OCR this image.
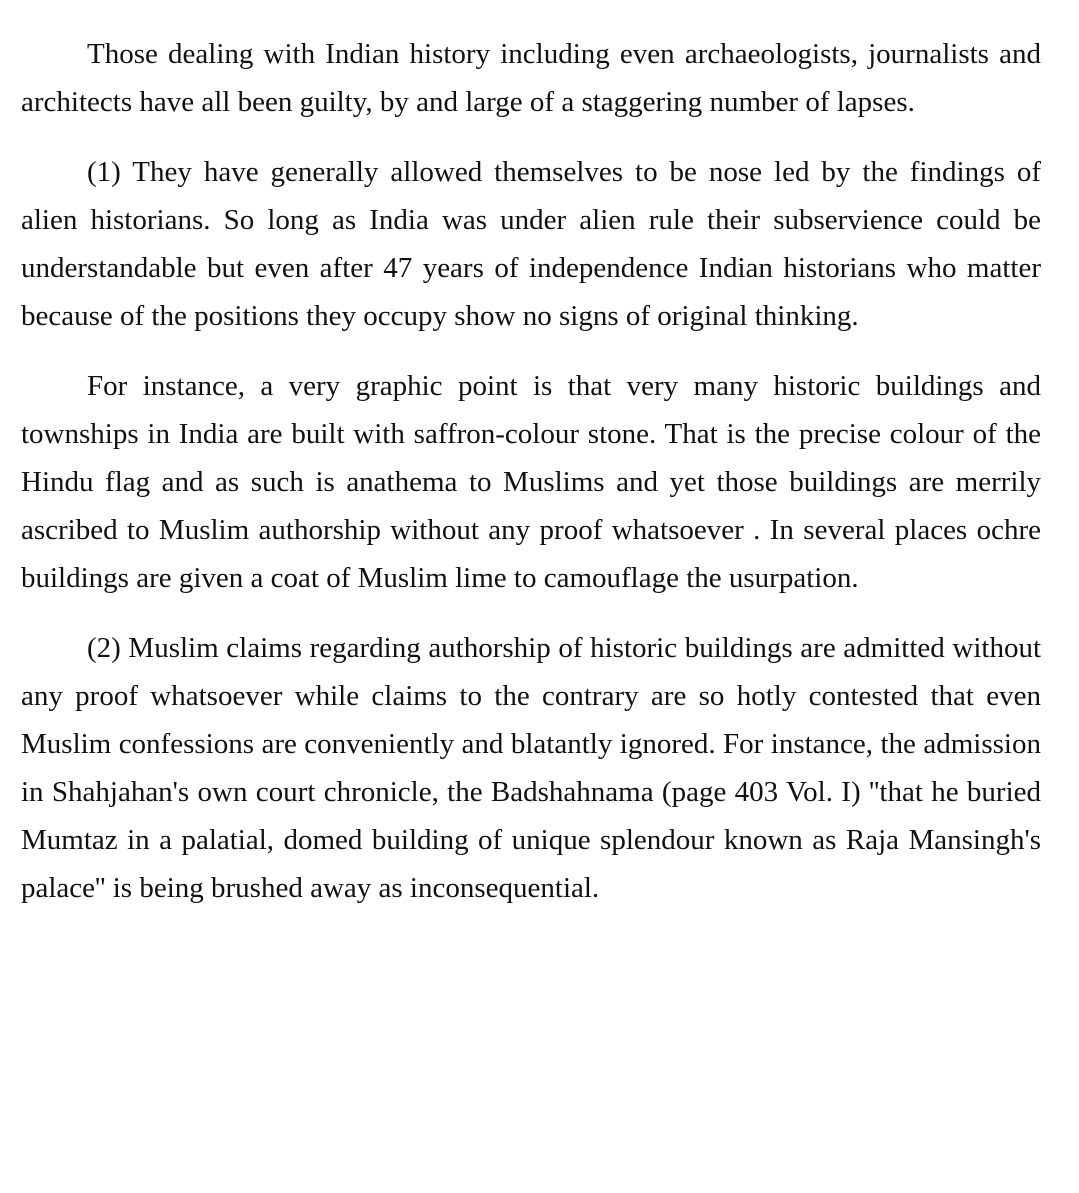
Those dealing with Indian history including even archaeologists, journalists and architects have all been guilty, by and large of a staggering number of lapses.

(1) They have generally allowed themselves to be nose led by the findings of alien historians. So long as India was under alien rule their subservience could be understandable but even after 47 years of independence Indian historians who matter because of the positions they occupy show no signs of original thinking.

For instance, a very graphic point is that very many historic buildings and townships in India are built with saffron-colour stone. That is the precise colour of the Hindu flag and as such is anathema to Muslims and yet those buildings are merrily ascribed to Muslim authorship without any proof whatsoever . In several places ochre buildings are given a coat of Muslim lime to camouflage the usurpation.

(2) Muslim claims regarding authorship of historic buildings are admitted without any proof whatsoever while claims to the contrary are so hotly contested that even Muslim confessions are conveniently and blatantly ignored. For instance, the admission in Shahjahan's own court chronicle, the Badshahnama (page 403 Vol. I) ''that he buried Mumtaz in a palatial, domed building of unique splendour known as Raja Mansingh's palace'' is being brushed away as inconsequential.
